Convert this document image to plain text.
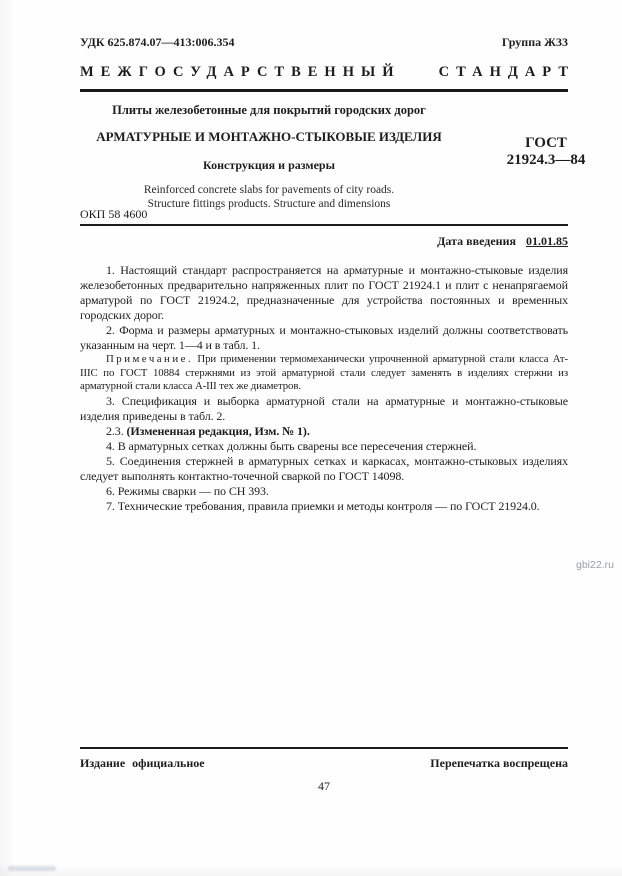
УДК 625.874.07—413:006.354	Группа Ж33
МЕЖГОСУДАРСТВЕННЫЙ	СТАНДАРТ
Плиты железобетонные для покрытий городских дорог
АРМАТУРНЫЕ И МОНТАЖНО-СТЫКОВЫЕ ИЗДЕЛИЯ
Конструкция и размеры
Reinforced concrete slabs for pavements of city roads.
Structure fittings products. Structure and dimensions
ГОСТ
21924.3—84
ОКП 58 4600
Дата введения 01.01.85

1. Настоящий стандарт распространяется на арматурные и монтажно-стыковые изделия железобетонных предварительно напряженных плит по ГОСТ 21924.1 и плит с ненапрягаемой арматурой по ГОСТ 21924.2, предназначенные для устройства постоянных и временных городских дорог.

2. Форма и размеры арматурных и монтажно-стыковых изделий должны соответствовать указанным на черт. 1—4 и в табл. 1.

Примечание. При применении термомеханически упрочненной арматурной стали класса Ат-IIIC по ГОСТ 10884 стержнями из этой арматурной стали следует заменять в изделиях стержни из арматурной стали класса А-III тех же диаметров.

3. Спецификация и выборка арматурной стали на арматурные и монтажно-стыковые изделия приведены в табл. 2.

2.3. (Измененная редакция, Изм. № 1).

4. В арматурных сетках должны быть сварены все пересечения стержней.

5. Соединения стержней в арматурных сетках и каркасах, монтажно-стыковых изделиях следует выполнять контактно-точечной сваркой по ГОСТ 14098.

6. Режимы сварки — по СН 393.

7. Технические требования, правила приемки и методы контроля — по ГОСТ 21924.0.

gbi22.ru
Издание официальное	Перепечатка воспрещена
47
